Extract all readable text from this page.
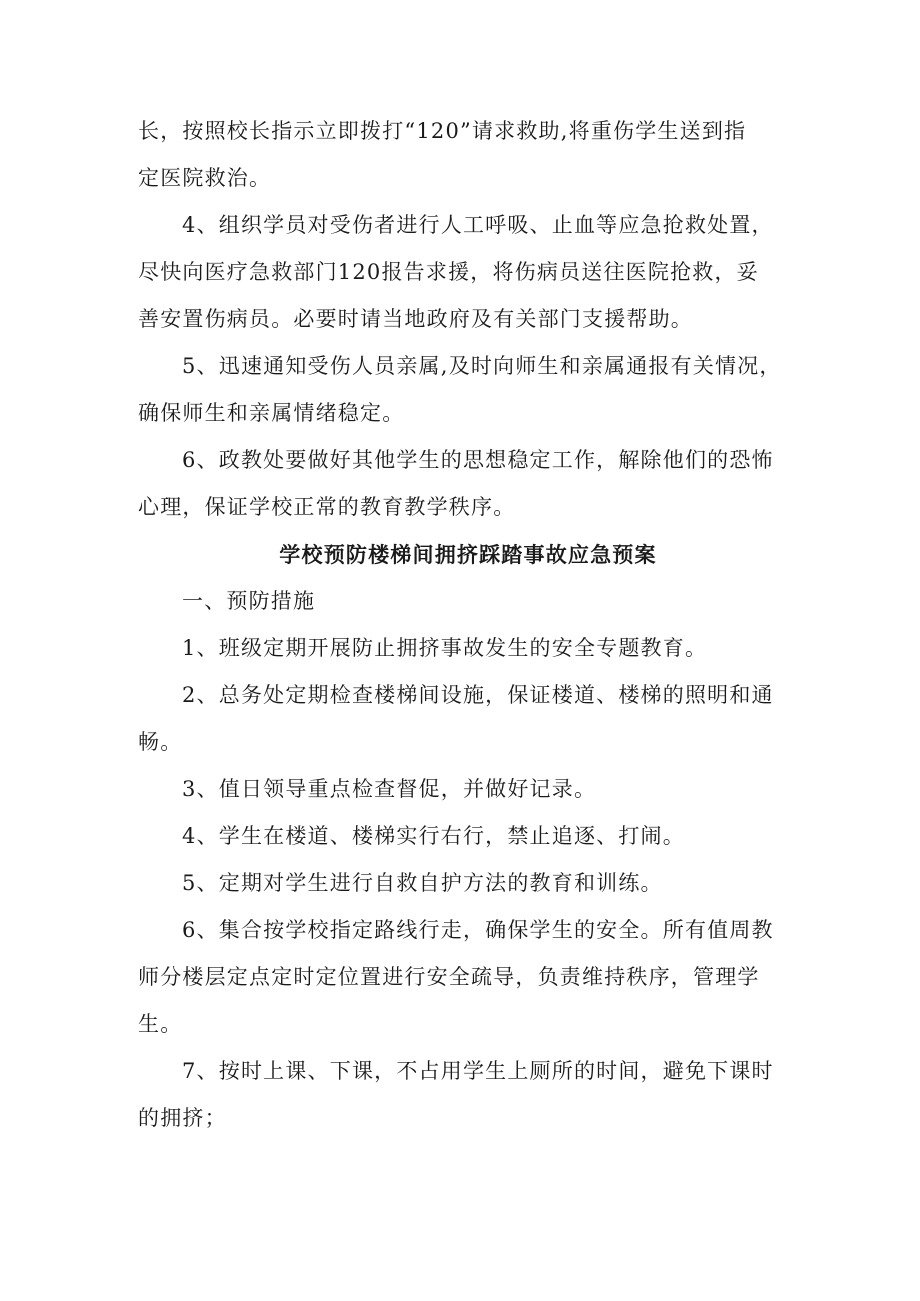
长，按照校长指示立即拨打“120”请求救助,将重伤学生送到指
定医院救治。

4、组织学员对受伤者进行人工呼吸、止血等应急抢救处置，
尽快向医疗急救部门120报告求援，将伤病员送往医院抢救，妥
善安置伤病员。必要时请当地政府及有关部门支援帮助。

5、迅速通知受伤人员亲属,及时向师生和亲属通报有关情况，
确保师生和亲属情绪稳定。

6、政教处要做好其他学生的思想稳定工作，解除他们的恐怖
心理，保证学校正常的教育教学秩序。

学校预防楼梯间拥挤踩踏事故应急预案

一、预防措施

1、班级定期开展防止拥挤事故发生的安全专题教育。

2、总务处定期检查楼梯间设施，保证楼道、楼梯的照明和通
畅。

3、值日领导重点检查督促，并做好记录。

4、学生在楼道、楼梯实行右行，禁止追逐、打闹。

5、定期对学生进行自救自护方法的教育和训练。

6、集合按学校指定路线行走，确保学生的安全。所有值周教
师分楼层定点定时定位置进行安全疏导，负责维持秩序，管理学
生。

7、按时上课、下课，不占用学生上厕所的时间，避免下课时
的拥挤；
